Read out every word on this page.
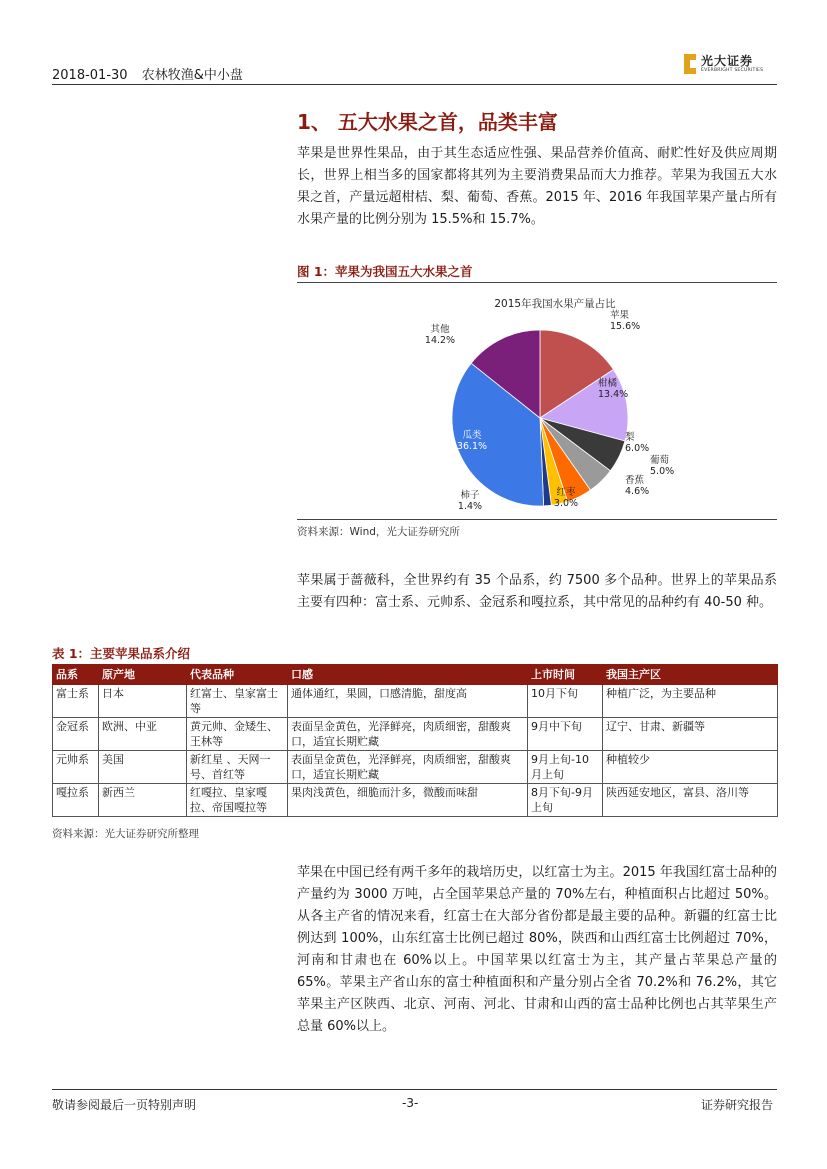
2018-01-30 农林牧渔&中小盘
光大证券
EVERBRIGHT SECURITIES
1、 五大水果之首，品类丰富
苹果是世界性果品，由于其生态适应性强、果品营养价值高、耐贮性好及供应周期长，世界上相当多的国家都将其列为主要消费果品而大力推荐。苹果为我国五大水果之首，产量远超柑桔、梨、葡萄、香蕉。2015 年、2016 年我国苹果产量占所有水果产量的比例分别为 15.5%和 15.7%。
图 1：苹果为我国五大水果之首
2015年我国水果产量占比
苹果
15.6%
柑橘
13.4%
梨
6.0%
葡萄
5.0%
香蕉
4.6%
红枣
3.0%
柿子
1.4%
瓜类
36.1%
其他
14.2%
资料来源：Wind，光大证券研究所
苹果属于蔷薇科，全世界约有 35 个品系，约 7500 多个品种。世界上的苹果品系主要有四种：富士系、元帅系、金冠系和嘎拉系，其中常见的品种约有 40-50 种。
表 1：主要苹果品系介绍
品系	原产地	代表品种	口感	上市时间	我国主产区
富士系	日本	红富士、皇家富士等	通体通红，果圆，口感清脆，甜度高	10月下旬	种植广泛，为主要品种
金冠系	欧洲、中亚	黄元帅、金矮生、王林等	表面呈金黄色，光泽鲜亮，肉质细密，甜酸爽口，适宜长期贮藏	9月中下旬	辽宁、甘肃、新疆等
元帅系	美国	新红星 、天网一号、首红等	表面呈金黄色，光泽鲜亮，肉质细密，甜酸爽口，适宜长期贮藏	9月上旬-10月上旬	种植较少
嘎拉系	新西兰	红嘎拉、皇家嘎拉、帝国嘎拉等	果肉浅黄色，细脆而汁多，微酸而味甜	8月下旬-9月上旬	陕西延安地区，富县、洛川等
资料来源：光大证券研究所整理
苹果在中国已经有两千多年的栽培历史，以红富士为主。2015 年我国红富士品种的产量约为 3000 万吨，占全国苹果总产量的 70%左右，种植面积占比超过 50%。从各主产省的情况来看，红富士在大部分省份都是最主要的品种。新疆的红富士比例达到 100%，山东红富士比例已超过 80%，陕西和山西红富士比例超过 70%，河南和甘肃也在 60%以上。中国苹果以红富士为主，其产量占苹果总产量的 65%。苹果主产省山东的富士种植面积和产量分别占全省 70.2%和 76.2%，其它苹果主产区陕西、北京、河南、河北、甘肃和山西的富士品种比例也占其苹果生产总量 60%以上。
敬请参阅最后一页特别声明	-3-	证券研究报告
